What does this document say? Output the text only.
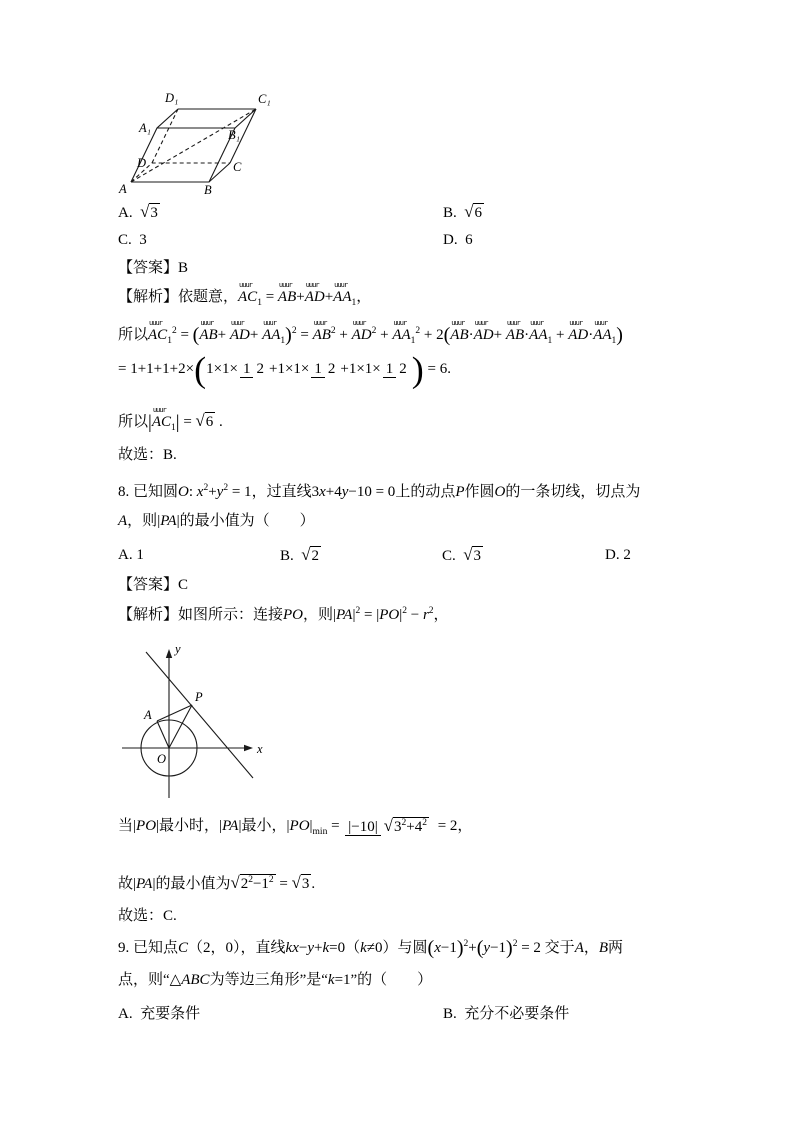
A	B
C
D
A₁	B₁
C₁
D₁
A.  √3	B.  √6
C.  3	D.  6
【答案】B
【解析】依题意，
uuur
$AC_1$ =
uuur
AB+
uuur
AD+
uuur
$AA_1$，
所以
uuur
$AC_1^2$ = (
uuur
AB+
uuur
AD+
uuur
$AA_1)^2$ =
uuur
$AB^2$ +
uuur
$AD^2$ +
uuur
$AA_1^2 + 2$(
uuur
AB·
uuur
AD+
uuur
AB·
uuur
$AA_1$ +
uuur
AD·
uuur
$AA_1$)
= 1+1+1+2×(1×1× 1 2 +1×1× 1 2 +1×1× 1 2 ) = 6.
所以|
uuur
$AC_1| = √6$ .
故选：B.
8. 已知圆O: $x^2+y^2 = 1$，过直线3x+4y−10 = 0上的动点P作圆O的一条切线，切点为
A，则|PA|的最小值为（　　）
A. 1	B.  √2	C.  √3	D. 2
【答案】C
【解析】如图所示：连接PO，则$|PA|^2 = |PO|^2 - r^2$，
y
x
O
A
P
当|PO|最小时，|PA|最小，$|PO|_{min} = |-10|$ $√3^2+4^2 = 2$，
故|PA|的最小值为$√2^2-1^2 = √3$ .
故选：C.
9. 已知点C（2，0），直线kx−y+k=0（k≠0）与圆$(x-1)^2+(y-1)^2 = 2$ 交于A，B两
点，则“△ABC为等边三角形”是“k=1”的（　　）
A.  充要条件	B.  充分不必要条件
